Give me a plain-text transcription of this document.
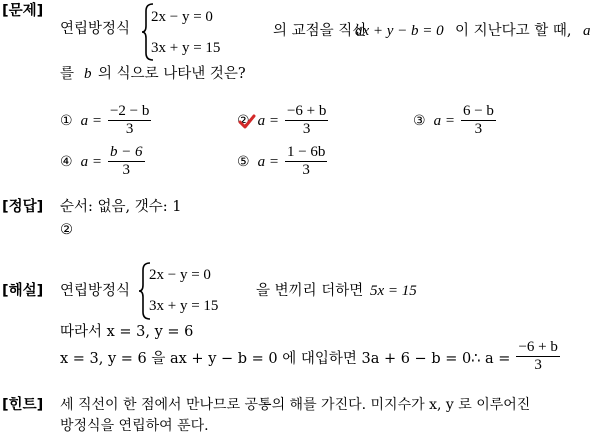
[문제]
연립방정식
2x − y = 0
3x + y = 15
의 교점을 직선
ax + y − b = 0 이 지난다고 할 때, a
를 b 의 식으로 나타낸 것은?
① $a = \frac{-2 - b}{3}$	② $a = \frac{-6 + b}{3}$	③ $a = \frac{6 - b}{3}$
④ $a = \frac{b - 6}{3}$	⑤ $a = \frac{1 - 6b}{3}$
[정답] 순서: 없음, 갯수: 1
②
[해설] 연립방정식
2x − y = 0
3x + y = 15
을 변끼리 더하면 5x = 15
따라서 x = 3, y = 6
x = 3, y = 6 을 ax + y − b = 0 에 대입하면 3a + 6 − b = 0∴ $a = \frac{-6 + b}{3}$
[힌트] 세 직선이 한 점에서 만나므로 공통의 해를 가진다. 미지수가 x, y 로 이루어진
방정식을 연립하여 푼다.
